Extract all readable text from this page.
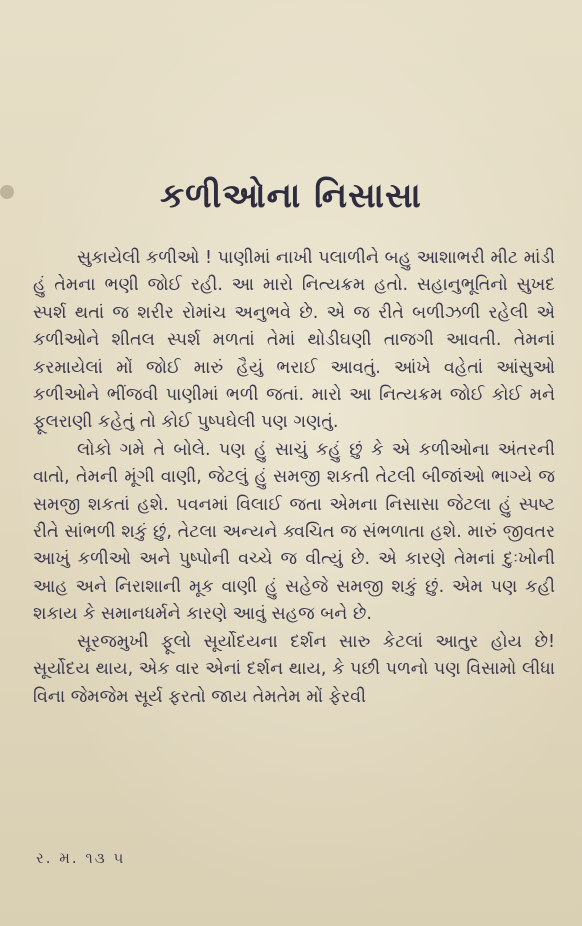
કળીઓના નિસાસા

સુકાયેલી કળીઓ ! પાણીમાં નાખી પલાળીને બહુ આશાભરી મીટ માંડી હું તેમના ભણી જોઈ રહી. આ મારો નિત્યક્રમ હતો. સહાનુભૂતિનો સુખદ સ્પર્શ થતાં જ શરીર રોમાંચ અનુભવે છે. એ જ રીતે બળીઝળી રહેલી એ કળીઓને શીતલ સ્પર્શ મળતાં તેમાં થોડીઘણી તાજગી આવતી. તેમનાં કરમાયેલાં મોં જોઈ મારું હૈયું ભરાઈ આવતું. આંખે વહેતાં આંસુઓ કળીઓને ભીંજવી પાણીમાં ભળી જતાં. મારો આ નિત્યક્રમ જોઈ કોઈ મને ફૂલરાણી કહેતું તો કોઈ પુષ્પઘેલી પણ ગણતું.

લોકો ગમે તે બોલે. પણ હું સાચું કહું છું કે એ કળીઓના અંતરની વાતો, તેમની મૂંગી વાણી, જેટલું હું સમજી શકતી તેટલી બીજાંઓ ભાગ્યે જ સમજી શકતાં હશે. પવનમાં વિલાઈ જતા એમના નિસાસા જેટલા હું સ્પષ્ટ રીતે સાંભળી શકું છું, તેટલા અન્યને ક્વચિત જ સંભળાતા હશે. મારું જીવતર આખું કળીઓ અને પુષ્પોની વચ્ચે જ વીત્યું છે. એ કારણે તેમનાં દુઃખોની આહ અને નિરાશાની મૂક વાણી હું સહેજે સમજી શકું છું. એમ પણ કહી શકાય કે સમાનધર્મને કારણે આવું સહજ બને છે.

સૂરજમુખી ફૂલો સૂર્યોદયના દર્શન સારુ કેટલાં આતુર હોય છે! સૂર્યોદય થાય, એક વાર એનાં દર્શન થાય, કે પછી પળનો પણ વિસામો લીધા વિના જેમજેમ સૂર્ય ફરતો જાય તેમતેમ મોં ફેરવી

ર. મ. ૧૩ ૫
